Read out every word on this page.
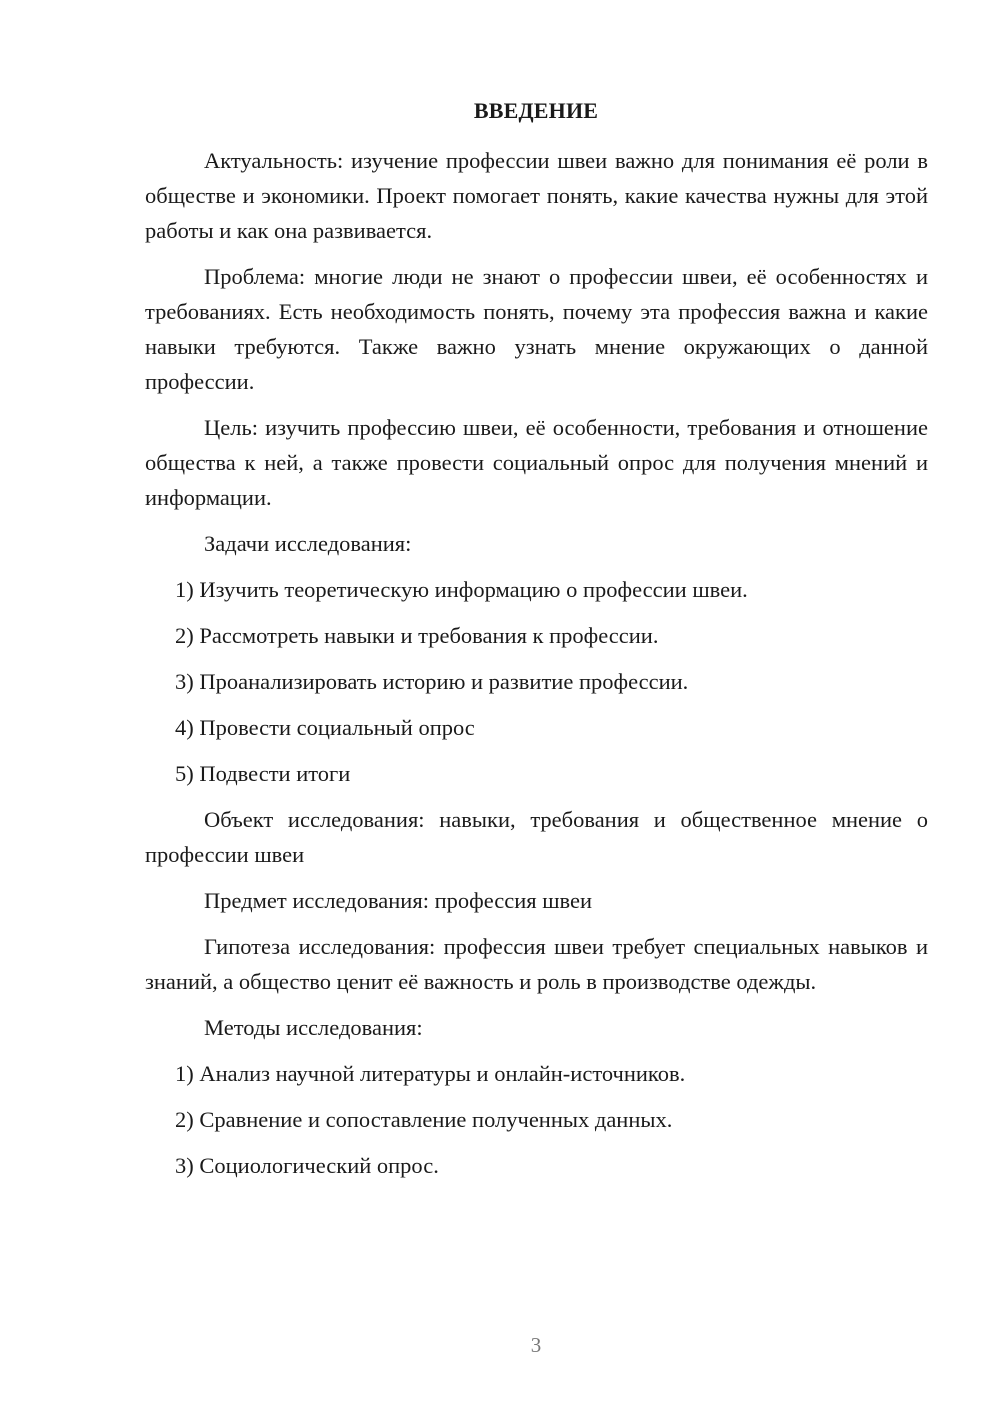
ВВЕДЕНИЕ

Актуальность: изучение профессии швеи важно для понимания её роли в обществе и экономики. Проект помогает понять, какие качества нужны для этой работы и как она развивается.

Проблема: многие люди не знают о профессии швеи, её особенностях и требованиях. Есть необходимость понять, почему эта профессия важна и какие навыки требуются. Также важно узнать мнение окружающих о данной профессии.

Цель: изучить профессию швеи, её особенности, требования и отношение общества к ней, а также провести социальный опрос для получения мнений и информации.

Задачи исследования:

1) Изучить теоретическую информацию о профессии швеи.

2) Рассмотреть навыки и требования к профессии.

3) Проанализировать историю и развитие профессии.

4) Провести социальный опрос

5) Подвести итоги

Объект исследования: навыки, требования и общественное мнение о профессии швеи

Предмет исследования: профессия швеи

Гипотеза исследования: профессия швеи требует специальных навыков и знаний, а общество ценит её важность и роль в производстве одежды.

Методы исследования:

1) Анализ научной литературы и онлайн-источников.

2) Сравнение и сопоставление полученных данных.

3) Социологический опрос.

3
